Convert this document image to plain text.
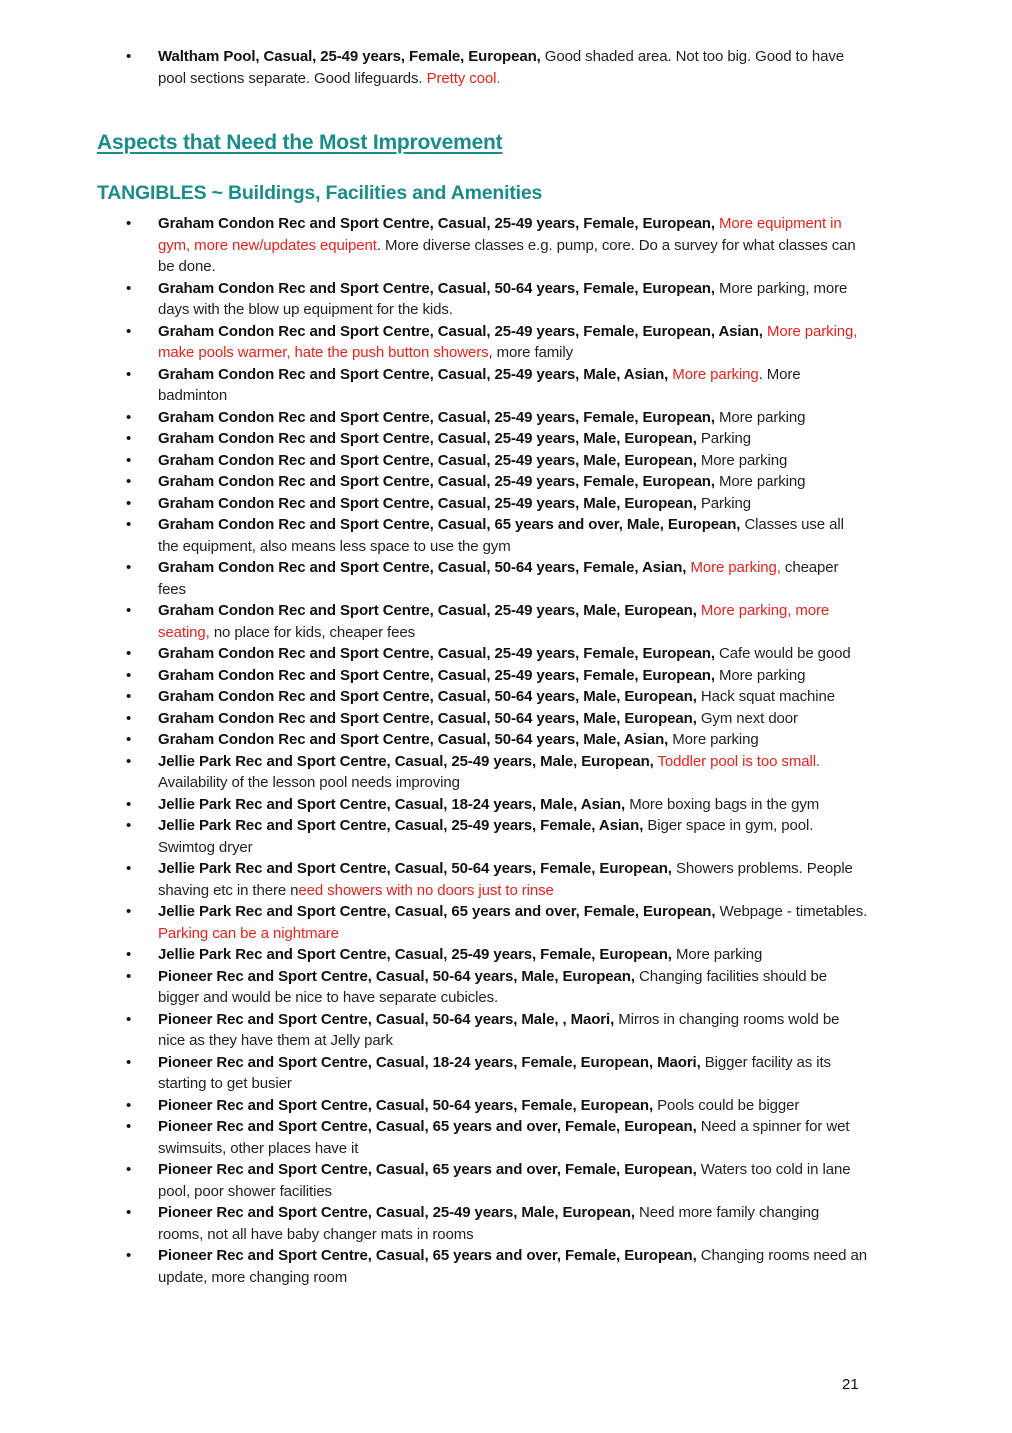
• Waltham Pool, Casual, 25-49 years, Female, European, Good shaded area. Not too big. Good to have pool sections separate. Good lifeguards. Pretty cool.
Aspects that Need the Most Improvement
TANGIBLES ~ Buildings, Facilities and Amenities
• Graham Condon Rec and Sport Centre, Casual, 25-49 years, Female, European, More equipment in gym, more new/updates equipent. More diverse classes e.g. pump, core. Do a survey for what classes can be done.
• Graham Condon Rec and Sport Centre, Casual, 50-64 years, Female, European, More parking, more days with the blow up equipment for the kids.
• Graham Condon Rec and Sport Centre, Casual, 25-49 years, Female, European, Asian, More parking, make pools warmer, hate the push button showers, more family
• Graham Condon Rec and Sport Centre, Casual, 25-49 years, Male, Asian, More parking. More badminton
• Graham Condon Rec and Sport Centre, Casual, 25-49 years, Female, European, More parking
• Graham Condon Rec and Sport Centre, Casual, 25-49 years, Male, European, Parking
• Graham Condon Rec and Sport Centre, Casual, 25-49 years, Male, European, More parking
• Graham Condon Rec and Sport Centre, Casual, 25-49 years, Female, European, More parking
• Graham Condon Rec and Sport Centre, Casual, 25-49 years, Male, European, Parking
• Graham Condon Rec and Sport Centre, Casual, 65 years and over, Male, European, Classes use all the equipment, also means less space to use the gym
• Graham Condon Rec and Sport Centre, Casual, 50-64 years, Female, Asian, More parking, cheaper fees
• Graham Condon Rec and Sport Centre, Casual, 25-49 years, Male, European, More parking, more seating, no place for kids, cheaper fees
• Graham Condon Rec and Sport Centre, Casual, 25-49 years, Female, European, Cafe would be good
• Graham Condon Rec and Sport Centre, Casual, 25-49 years, Female, European, More parking
• Graham Condon Rec and Sport Centre, Casual, 50-64 years, Male, European, Hack squat machine
• Graham Condon Rec and Sport Centre, Casual, 50-64 years, Male, European, Gym next door
• Graham Condon Rec and Sport Centre, Casual, 50-64 years, Male, Asian, More parking
• Jellie Park Rec and Sport Centre, Casual, 25-49 years, Male, European, Toddler pool is too small. Availability of the lesson pool needs improving
• Jellie Park Rec and Sport Centre, Casual, 18-24 years, Male, Asian, More boxing bags in the gym
• Jellie Park Rec and Sport Centre, Casual, 25-49 years, Female, Asian, Biger space in gym, pool. Swimtog dryer
• Jellie Park Rec and Sport Centre, Casual, 50-64 years, Female, European, Showers problems. People shaving etc in there need showers with no doors just to rinse
• Jellie Park Rec and Sport Centre, Casual, 65 years and over, Female, European, Webpage - timetables. Parking can be a nightmare
• Jellie Park Rec and Sport Centre, Casual, 25-49 years, Female, European, More parking
• Pioneer Rec and Sport Centre, Casual, 50-64 years, Male, European, Changing facilities should be bigger and would be nice to have separate cubicles.
• Pioneer Rec and Sport Centre, Casual, 50-64 years, Male, , Maori, Mirros in changing rooms wold be nice as they have them at Jelly park
• Pioneer Rec and Sport Centre, Casual, 18-24 years, Female, European, Maori, Bigger facility as its starting to get busier
• Pioneer Rec and Sport Centre, Casual, 50-64 years, Female, European, Pools could be bigger
• Pioneer Rec and Sport Centre, Casual, 65 years and over, Female, European, Need a spinner for wet swimsuits, other places have it
• Pioneer Rec and Sport Centre, Casual, 65 years and over, Female, European, Waters too cold in lane pool, poor shower facilities
• Pioneer Rec and Sport Centre, Casual, 25-49 years, Male, European, Need more family changing rooms, not all have baby changer mats in rooms
• Pioneer Rec and Sport Centre, Casual, 65 years and over, Female, European, Changing rooms need an update, more changing room
21
